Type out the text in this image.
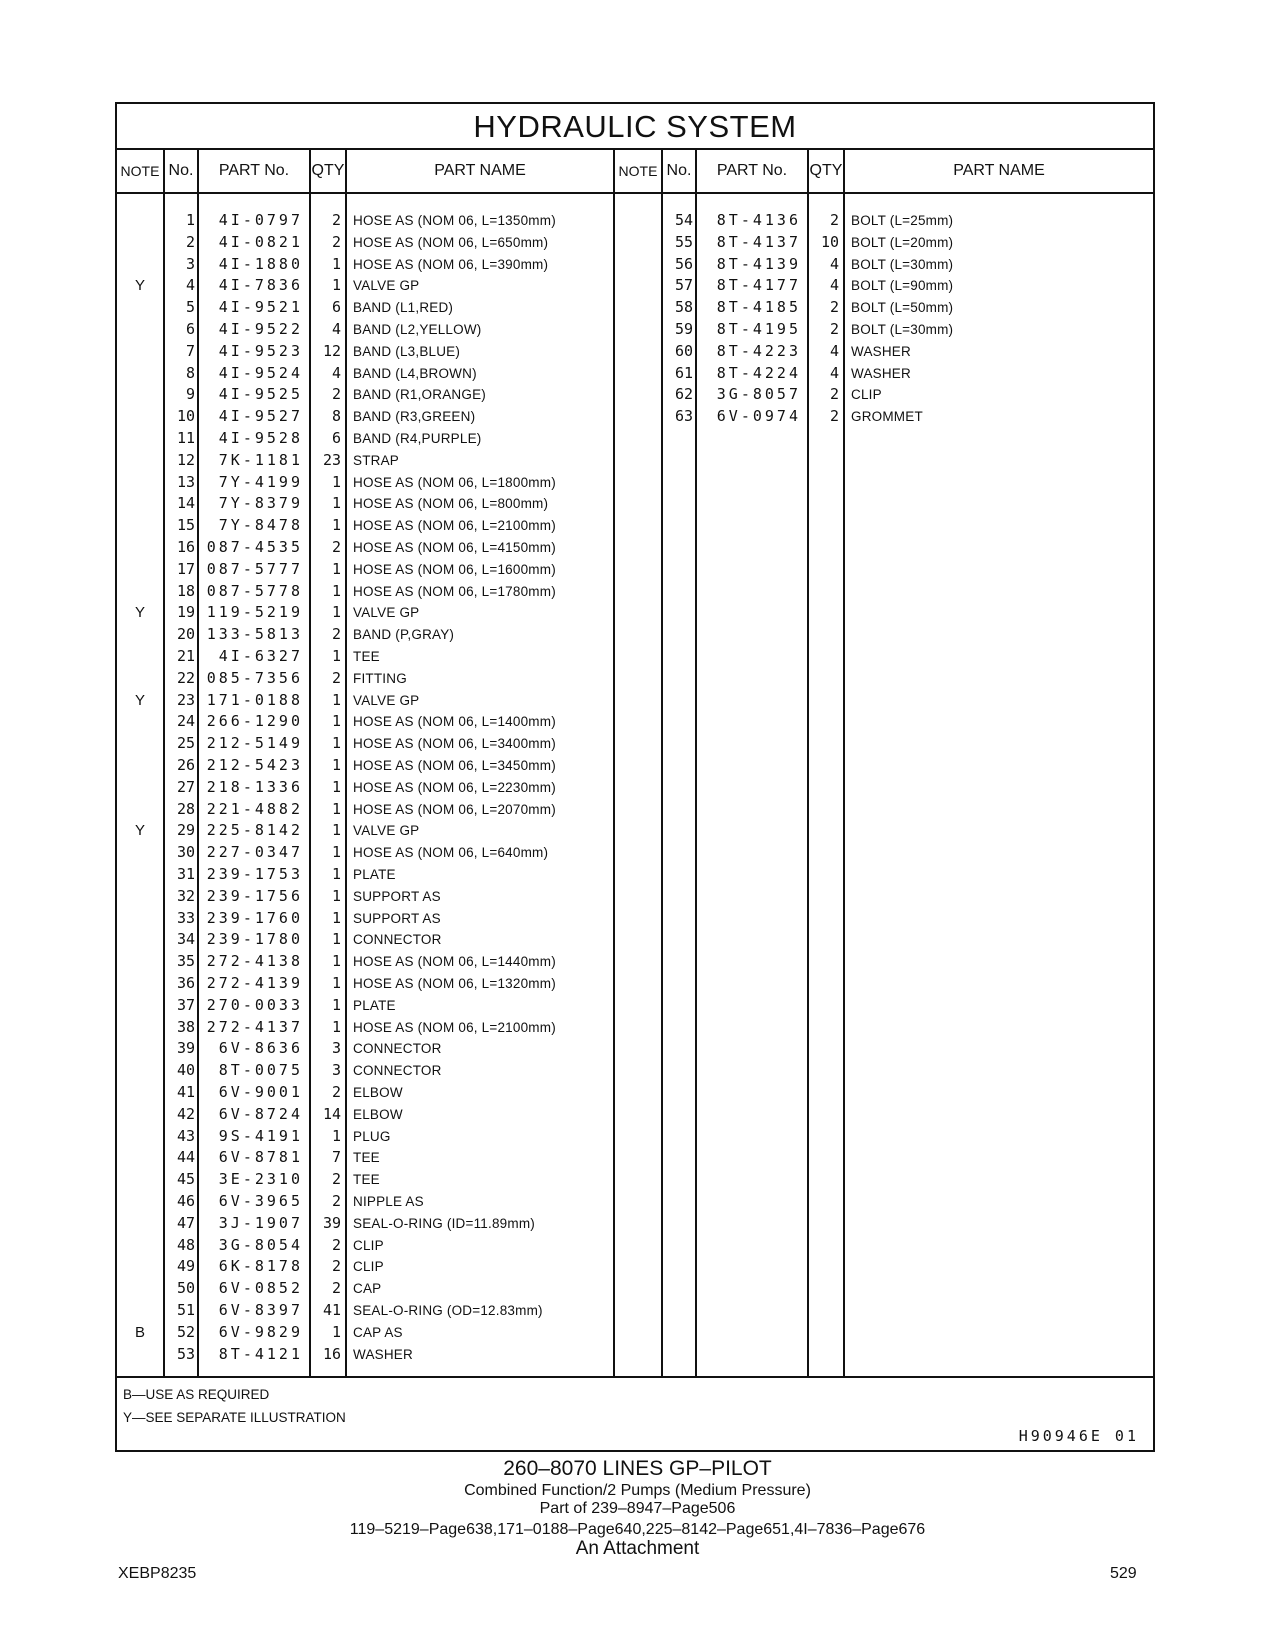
HYDRAULIC SYSTEM
NOTE No.	PART No.	QTY	PART NAME	NOTE No.	PART No.	QTY	PART NAME
1	4I-0797	2 HOSE AS (NOM 06, L=1350mm)
2	4I-0821	2 HOSE AS (NOM 06, L=650mm)
3	4I-1880	1 HOSE AS (NOM 06, L=390mm)
Y	4	4I-7836	1 VALVE GP
5	4I-9521	6 BAND (L1,RED)
6	4I-9522	4 BAND (L2,YELLOW)
7	4I-9523	12 BAND (L3,BLUE)
8	4I-9524	4 BAND (L4,BROWN)
9	4I-9525	2 BAND (R1,ORANGE)
10	4I-9527	8 BAND (R3,GREEN)
11	4I-9528	6 BAND (R4,PURPLE)
12	7K-1181	23 STRAP
13	7Y-4199	1 HOSE AS (NOM 06, L=1800mm)
14	7Y-8379	1 HOSE AS (NOM 06, L=800mm)
15	7Y-8478	1 HOSE AS (NOM 06, L=2100mm)
16 087-4535	2 HOSE AS (NOM 06, L=4150mm)
17 087-5777	1 HOSE AS (NOM 06, L=1600mm)
18 087-5778	1 HOSE AS (NOM 06, L=1780mm)
Y	19 119-5219	1 VALVE GP
20 133-5813	2 BAND (P,GRAY)
21	4I-6327	1 TEE
22 085-7356	2 FITTING
Y	23 171-0188	1 VALVE GP
24 266-1290	1 HOSE AS (NOM 06, L=1400mm)
25 212-5149	1 HOSE AS (NOM 06, L=3400mm)
26 212-5423	1 HOSE AS (NOM 06, L=3450mm)
27 218-1336	1 HOSE AS (NOM 06, L=2230mm)
28 221-4882	1 HOSE AS (NOM 06, L=2070mm)
Y	29 225-8142	1 VALVE GP
30 227-0347	1 HOSE AS (NOM 06, L=640mm)
31 239-1753	1 PLATE
32 239-1756	1 SUPPORT AS
33 239-1760	1 SUPPORT AS
34 239-1780	1 CONNECTOR
35 272-4138	1 HOSE AS (NOM 06, L=1440mm)
36 272-4139	1 HOSE AS (NOM 06, L=1320mm)
37 270-0033	1 PLATE
38 272-4137	1 HOSE AS (NOM 06, L=2100mm)
39	6V-8636	3 CONNECTOR
40	8T-0075	3 CONNECTOR
41	6V-9001	2 ELBOW
42	6V-8724	14 ELBOW
43	9S-4191	1 PLUG
44	6V-8781	7 TEE
45	3E-2310	2 TEE
46	6V-3965	2 NIPPLE AS
47	3J-1907	39 SEAL-O-RING (ID=11.89mm)
48	3G-8054	2 CLIP
49	6K-8178	2 CLIP
50	6V-0852	2 CAP
51	6V-8397	41 SEAL-O-RING (OD=12.83mm)
B	52	6V-9829	1 CAP AS
53	8T-4121	16 WASHER
54	8T-4136	2 BOLT (L=25mm)
55	8T-4137	10 BOLT (L=20mm)
56	8T-4139	4 BOLT (L=30mm)
57	8T-4177	4 BOLT (L=90mm)
58	8T-4185	2 BOLT (L=50mm)
59	8T-4195	2 BOLT (L=30mm)
60	8T-4223	4 WASHER
61	8T-4224	4 WASHER
62	3G-8057	2 CLIP
63	6V-0974	2 GROMMET
B—USE AS REQUIRED
Y—SEE SEPARATE ILLUSTRATION
H90946E 01
260–8070 LINES GP–PILOT
Combined Function/2 Pumps (Medium Pressure)
Part of 239–8947–Page506
119–5219–Page638,171–0188–Page640,225–8142–Page651,4I–7836–Page676
An Attachment
XEBP8235	529
